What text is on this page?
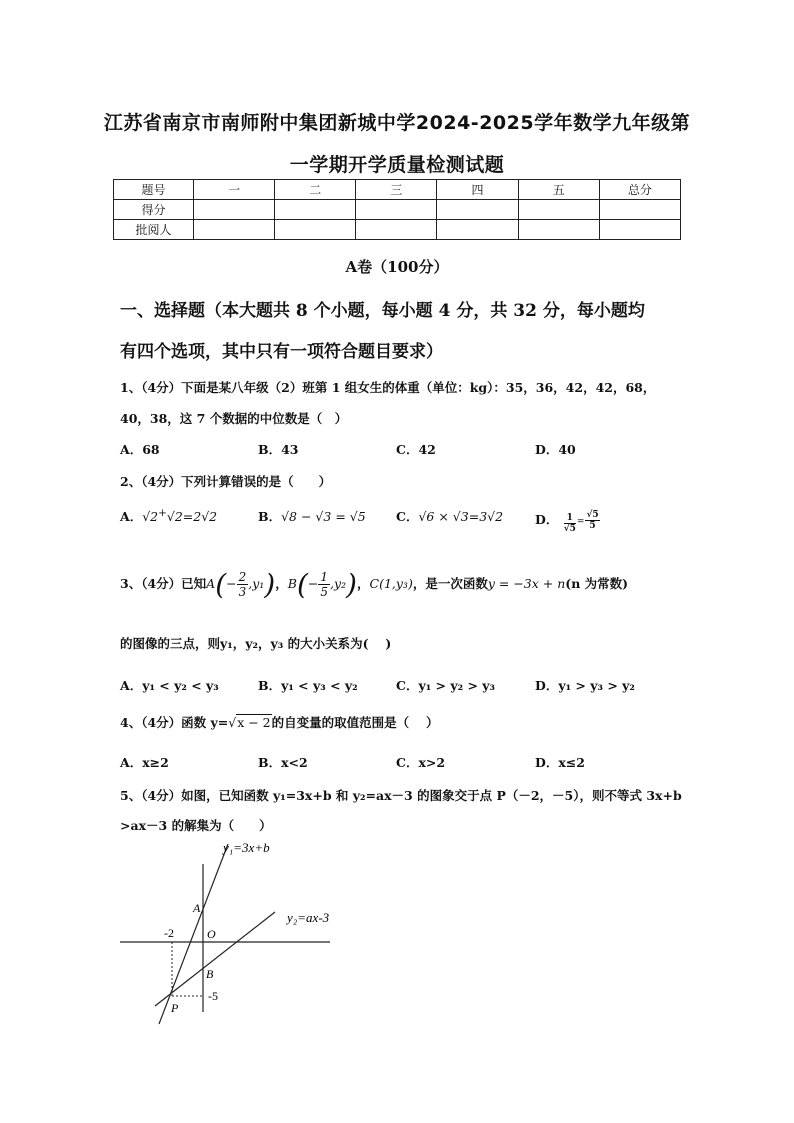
江苏省南京市南师附中集团新城中学2024-2025学年数学九年级第
一学期开学质量检测试题
题号	一	二	三	四	五	总分
得分						
批阅人						
A卷（100分）
一、选择题（本大题共 8 个小题，每小题 4 分，共 32 分，每小题均
有四个选项，其中只有一项符合题目要求）
1、（4分）下面是某八年级（2）班第 1 组女生的体重（单位：kg）：35，36，42，42，68，
40，38，这 7 个数据的中位数是（　）
A．68	B．43	C．42	D．40
2、（4分）下列计算错误的是（　　）
A．√2+√2=2√2	B．√8 − √3 = √5 C．√6 × √3=3√2	D． $\frac{1}{√5} = \frac{√5}{5}$
3、（4分）已知$A(- \frac{2}{3} ,y_1)$，$B(- \frac{1}{5} ,y_2)$，C(1,y₃)，是一次函数y = −3x + n(n 为常数)
的图像的三点，则y₁，y₂，y₃ 的大小关系为(　 )
A．y₁ < y₂ < y₃	B．y₁ < y₃ < y₂	C．y₁ > y₂ > y₃	D．y₁ > y₃ > y₂
4、（4分）函数 y=√x − 2的自变量的取值范围是（　 ）
A．x≥2	B．x<2	C．x>2	D．x≤2
5、（4分）如图，已知函数 y₁=3x+b 和 y₂=ax－3 的图象交于点 P（－2，－5），则不等式 3x+b
>ax－3 的解集为（　　）
y₁=3x+b
y₂=ax-3
A
O
B
P
-2
-5
